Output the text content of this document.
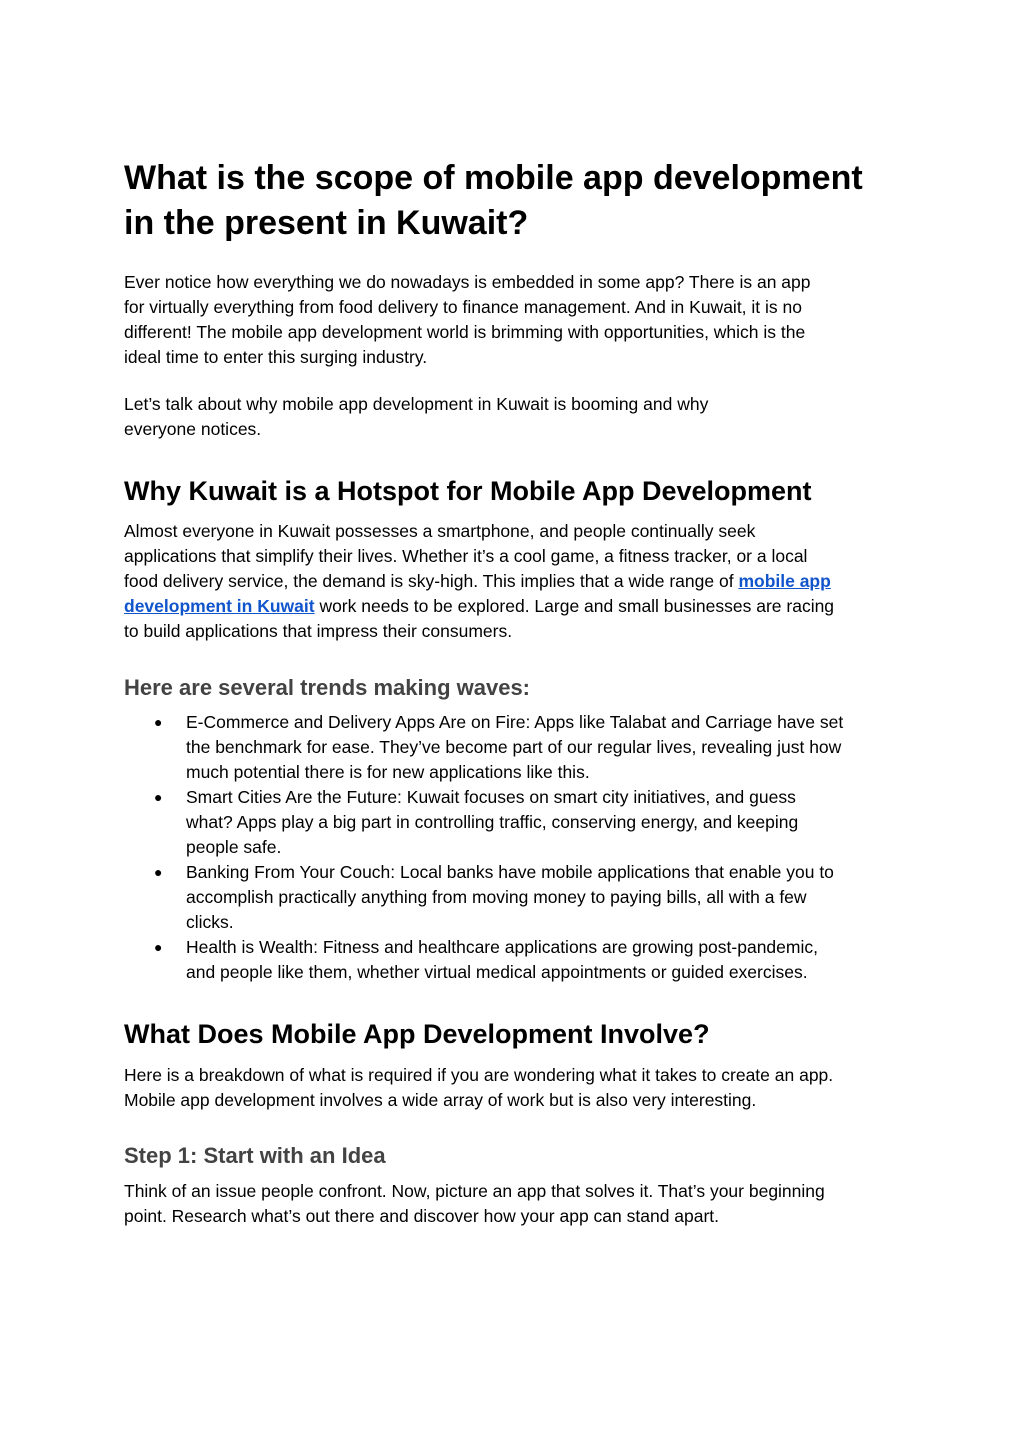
What is the scope of mobile app development
in the present in Kuwait?
Ever notice how everything we do nowadays is embedded in some app? There is an app
for virtually everything from food delivery to finance management. And in Kuwait, it is no
different! The mobile app development world is brimming with opportunities, which is the
ideal time to enter this surging industry.
Let’s talk about why mobile app development in Kuwait is booming and why
everyone notices.
Why Kuwait is a Hotspot for Mobile App Development
Almost everyone in Kuwait possesses a smartphone, and people continually seek
applications that simplify their lives. Whether it’s a cool game, a fitness tracker, or a local
food delivery service, the demand is sky-high. This implies that a wide range of mobile app
development in Kuwait work needs to be explored. Large and small businesses are racing
to build applications that impress their consumers.
Here are several trends making waves:
● E-Commerce and Delivery Apps Are on Fire: Apps like Talabat and Carriage have set
the benchmark for ease. They’ve become part of our regular lives, revealing just how
much potential there is for new applications like this.
● Smart Cities Are the Future: Kuwait focuses on smart city initiatives, and guess
what? Apps play a big part in controlling traffic, conserving energy, and keeping
people safe.
● Banking From Your Couch: Local banks have mobile applications that enable you to
accomplish practically anything from moving money to paying bills, all with a few
clicks.
● Health is Wealth: Fitness and healthcare applications are growing post-pandemic,
and people like them, whether virtual medical appointments or guided exercises.
What Does Mobile App Development Involve?
Here is a breakdown of what is required if you are wondering what it takes to create an app.
Mobile app development involves a wide array of work but is also very interesting.
Step 1: Start with an Idea
Think of an issue people confront. Now, picture an app that solves it. That’s your beginning
point. Research what’s out there and discover how your app can stand apart.
